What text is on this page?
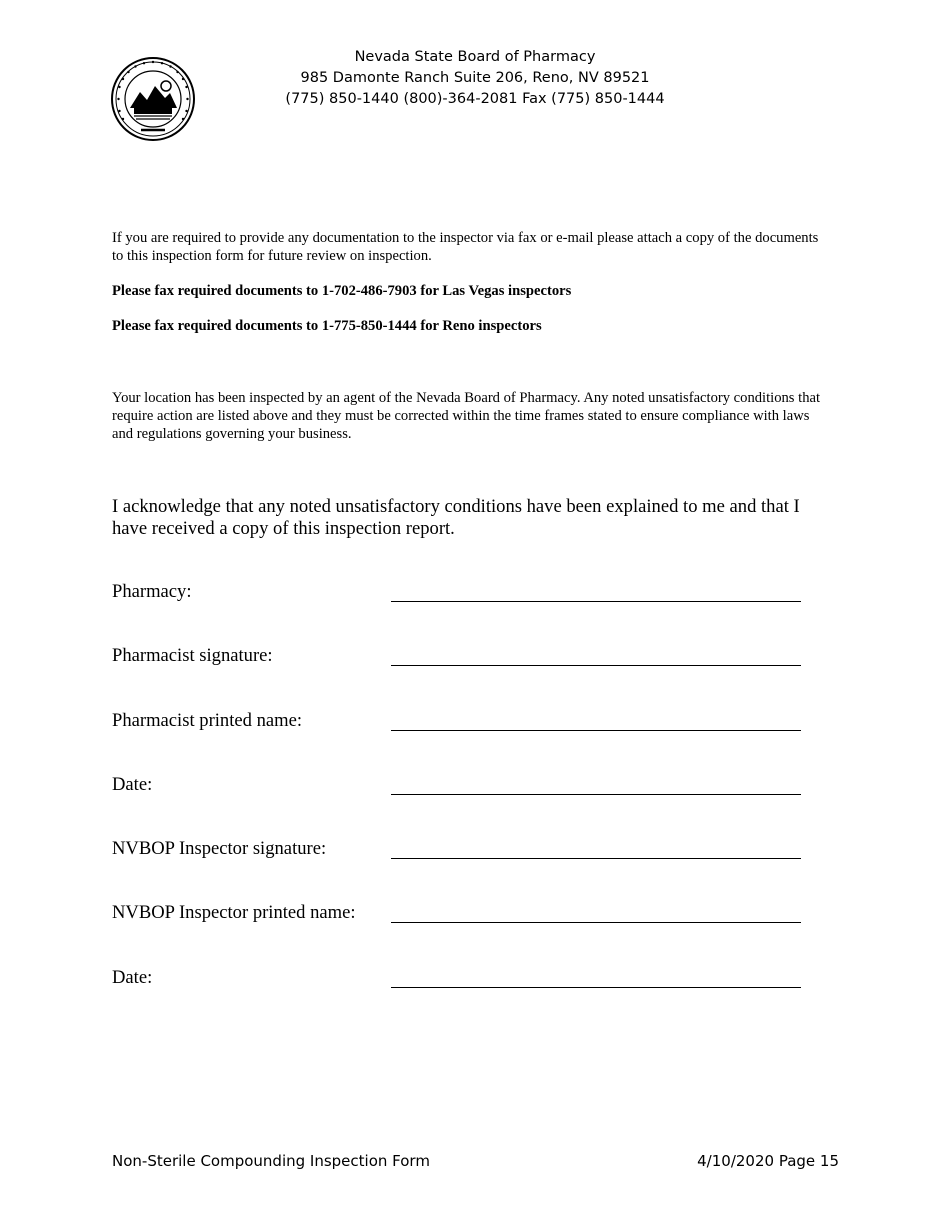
Nevada State Board of Pharmacy
985 Damonte Ranch Suite 206, Reno, NV 89521
(775) 850-1440 (800)-364-2081 Fax (775) 850-1444
If you are required to provide any documentation to the inspector via fax or e-mail please attach a copy of the documents to this inspection form for future review on inspection.
Please fax required documents to 1-702-486-7903 for Las Vegas inspectors
Please fax required documents to 1-775-850-1444 for Reno inspectors
Your location has been inspected by an agent of the Nevada Board of Pharmacy. Any noted unsatisfactory conditions that require action are listed above and they must be corrected within the time frames stated to ensure compliance with laws and regulations governing your business.
I acknowledge that any noted unsatisfactory conditions have been explained to me and that I have received a copy of this inspection report.
Pharmacy:
Pharmacist signature:
Pharmacist printed name:
Date:
NVBOP Inspector signature:
NVBOP Inspector printed name:
Date:
Non-Sterile Compounding Inspection Form	4/10/2020 Page 15
